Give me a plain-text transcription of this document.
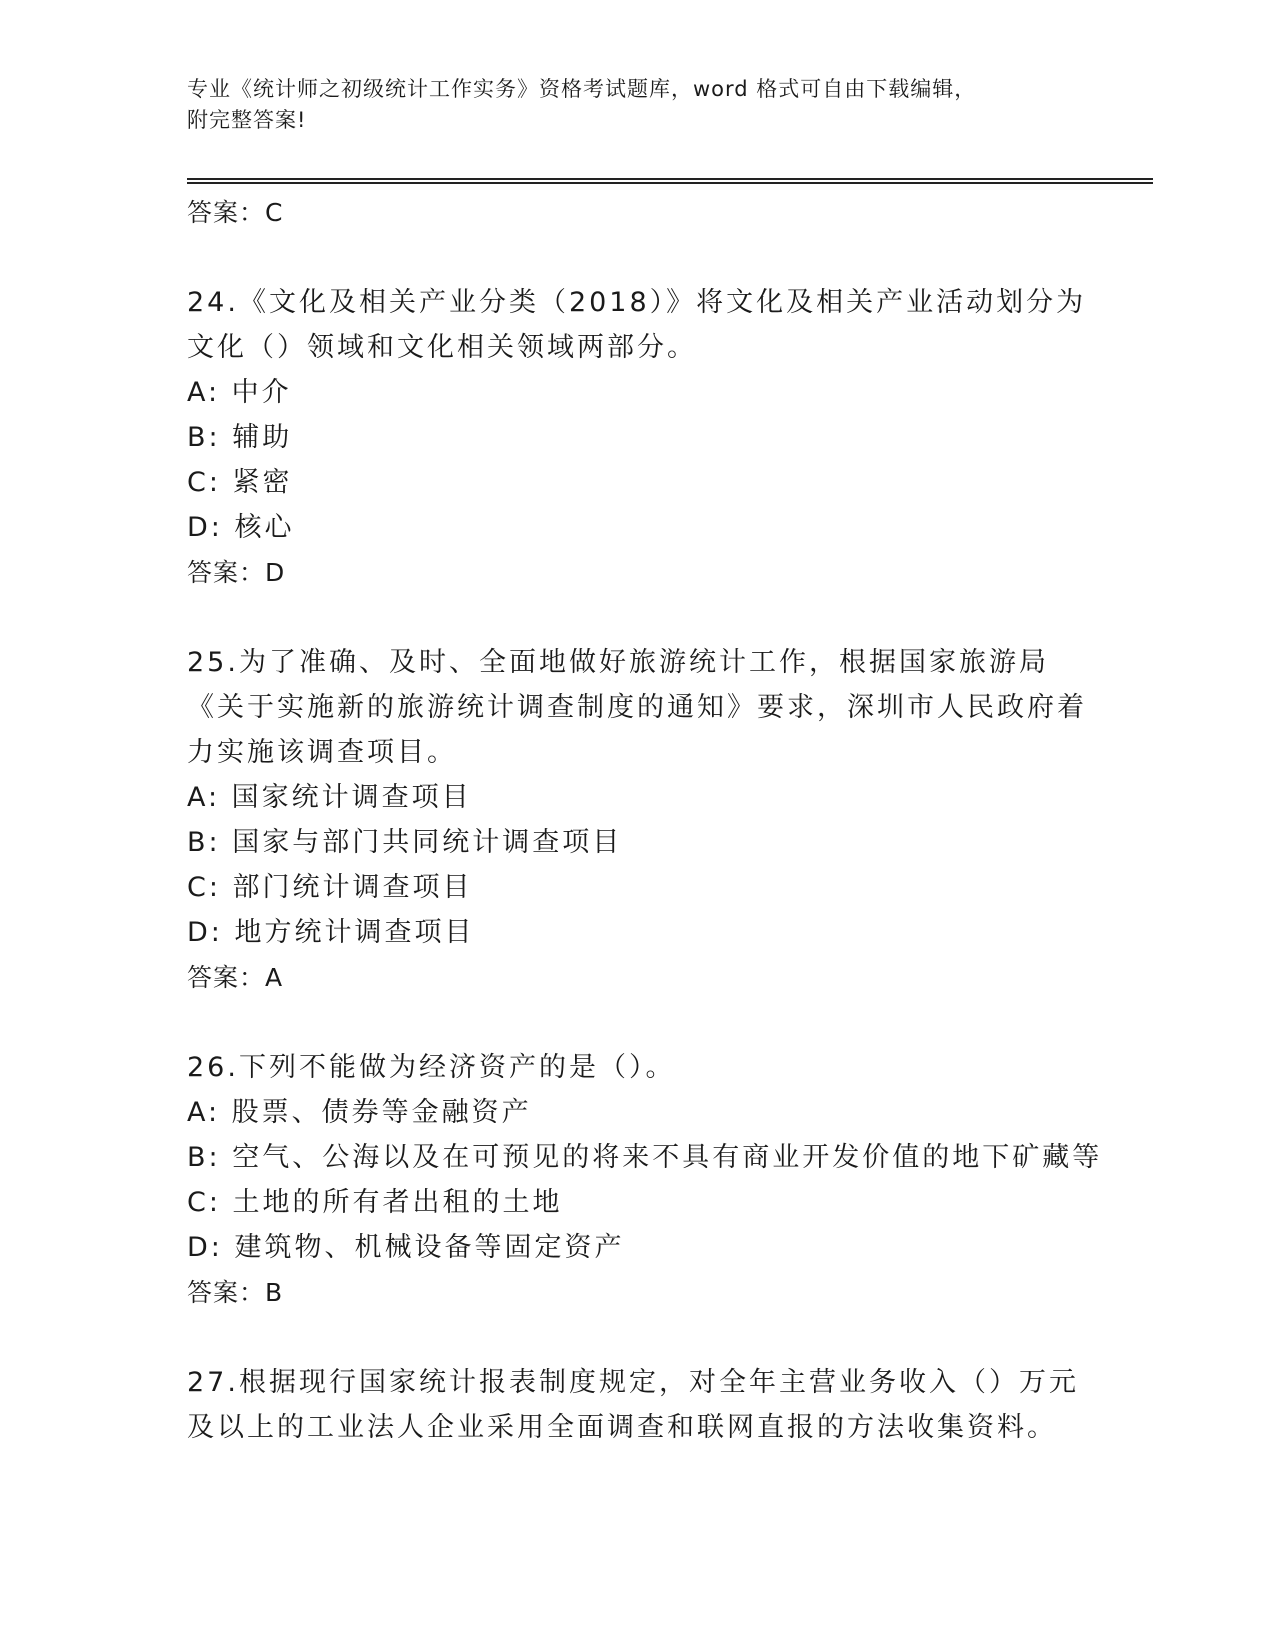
专业《统计师之初级统计工作实务》资格考试题库，word 格式可自由下载编辑，
附完整答案!
答案：C
24.《文化及相关产业分类（2018）》将文化及相关产业活动划分为文化（）领域和文化相关领域两部分。
A: 中介
B: 辅助
C: 紧密
D: 核心
答案：D
25.为了准确、及时、全面地做好旅游统计工作，根据国家旅游局《关于实施新的旅游统计调查制度的通知》要求，深圳市人民政府着力实施该调查项目。
A: 国家统计调查项目
B: 国家与部门共同统计调查项目
C: 部门统计调查项目
D: 地方统计调查项目
答案：A
26.下列不能做为经济资产的是（）。
A: 股票、债券等金融资产
B: 空气、公海以及在可预见的将来不具有商业开发价值的地下矿藏等
C: 土地的所有者出租的土地
D: 建筑物、机械设备等固定资产
答案：B
27.根据现行国家统计报表制度规定，对全年主营业务收入（）万元及以上的工业法人企业采用全面调查和联网直报的方法收集资料。
